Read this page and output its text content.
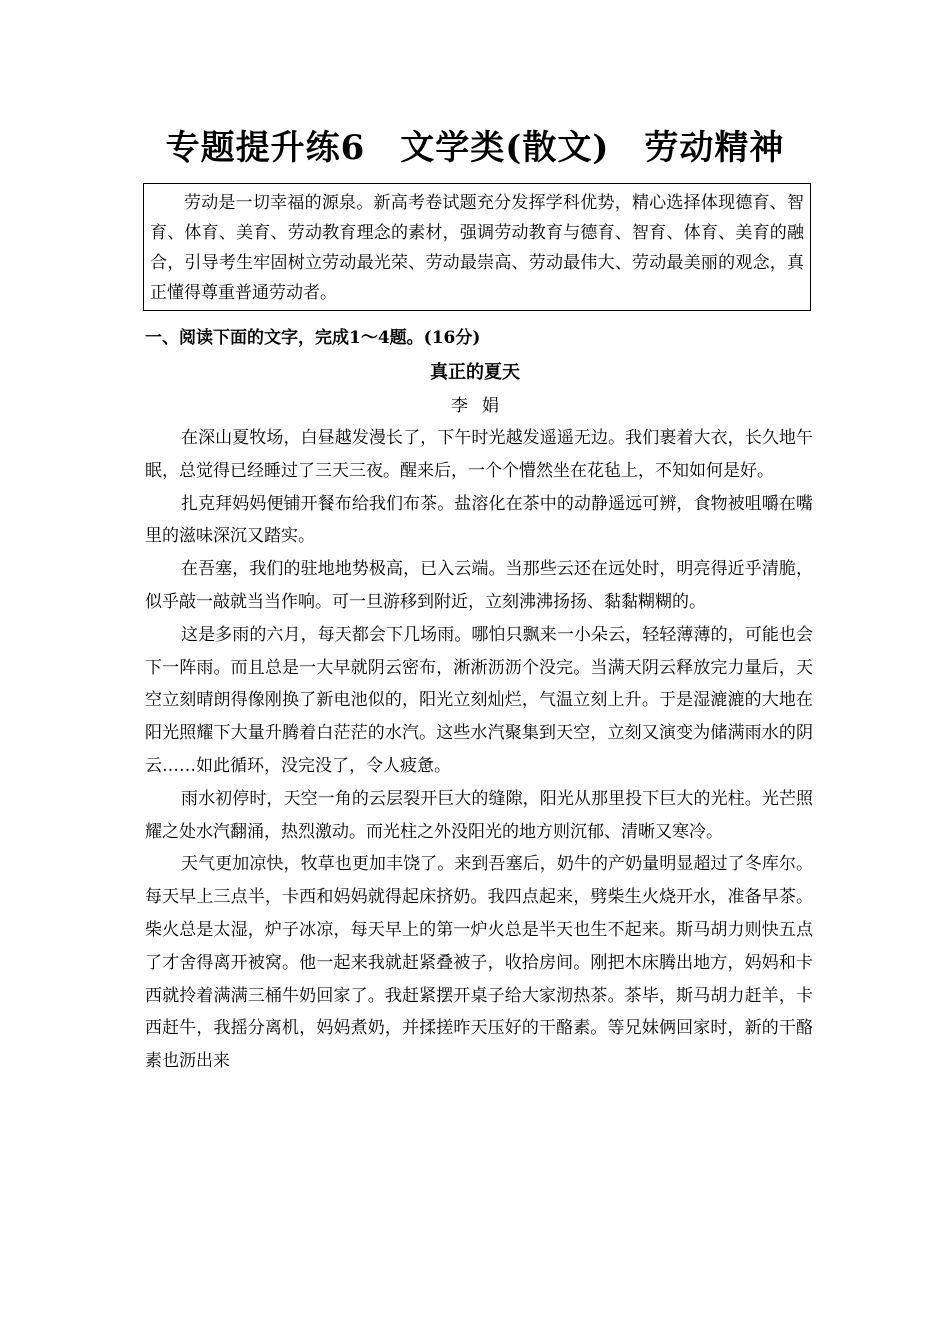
专题提升练6　文学类(散文)　劳动精神
劳动是一切幸福的源泉。新高考卷试题充分发挥学科优势，精心选择体现德育、智育、体育、美育、劳动教育理念的素材，强调劳动教育与德育、智育、体育、美育的融合，引导考生牢固树立劳动最光荣、劳动最崇高、劳动最伟大、劳动最美丽的观念，真正懂得尊重普通劳动者。
一、阅读下面的文字，完成1～4题。(16分)
真正的夏天
李娟

在深山夏牧场，白昼越发漫长了，下午时光越发遥遥无边。我们裹着大衣，长久地午眠，总觉得已经睡过了三天三夜。醒来后，一个个懵然坐在花毡上，不知如何是好。

扎克拜妈妈便铺开餐布给我们布茶。盐溶化在茶中的动静遥远可辨，食物被咀嚼在嘴里的滋味深沉又踏实。

在吾塞，我们的驻地地势极高，已入云端。当那些云还在远处时，明亮得近乎清脆，似乎敲一敲就当当作响。可一旦游移到附近，立刻沸沸扬扬、黏黏糊糊的。

这是多雨的六月，每天都会下几场雨。哪怕只飘来一小朵云，轻轻薄薄的，可能也会下一阵雨。而且总是一大早就阴云密布，淅淅沥沥个没完。当满天阴云释放完力量后，天空立刻晴朗得像刚换了新电池似的，阳光立刻灿烂，气温立刻上升。于是湿漉漉的大地在阳光照耀下大量升腾着白茫茫的水汽。这些水汽聚集到天空，立刻又演变为储满雨水的阴云……如此循环，没完没了，令人疲惫。

雨水初停时，天空一角的云层裂开巨大的缝隙，阳光从那里投下巨大的光柱。光芒照耀之处水汽翻涌，热烈激动。而光柱之外没阳光的地方则沉郁、清晰又寒冷。

天气更加凉快，牧草也更加丰饶了。来到吾塞后，奶牛的产奶量明显超过了冬库尔。每天早上三点半，卡西和妈妈就得起床挤奶。我四点起来，劈柴生火烧开水，准备早茶。柴火总是太湿，炉子冰凉，每天早上的第一炉火总是半天也生不起来。斯马胡力则快五点了才舍得离开被窝。他一起来我就赶紧叠被子，收拾房间。刚把木床腾出地方，妈妈和卡西就拎着满满三桶牛奶回家了。我赶紧摆开桌子给大家沏热茶。茶毕，斯马胡力赶羊，卡西赶牛，我摇分离机，妈妈煮奶，并揉搓昨天压好的干酪素。等兄妹俩回家时，新的干酪素也沥出来
